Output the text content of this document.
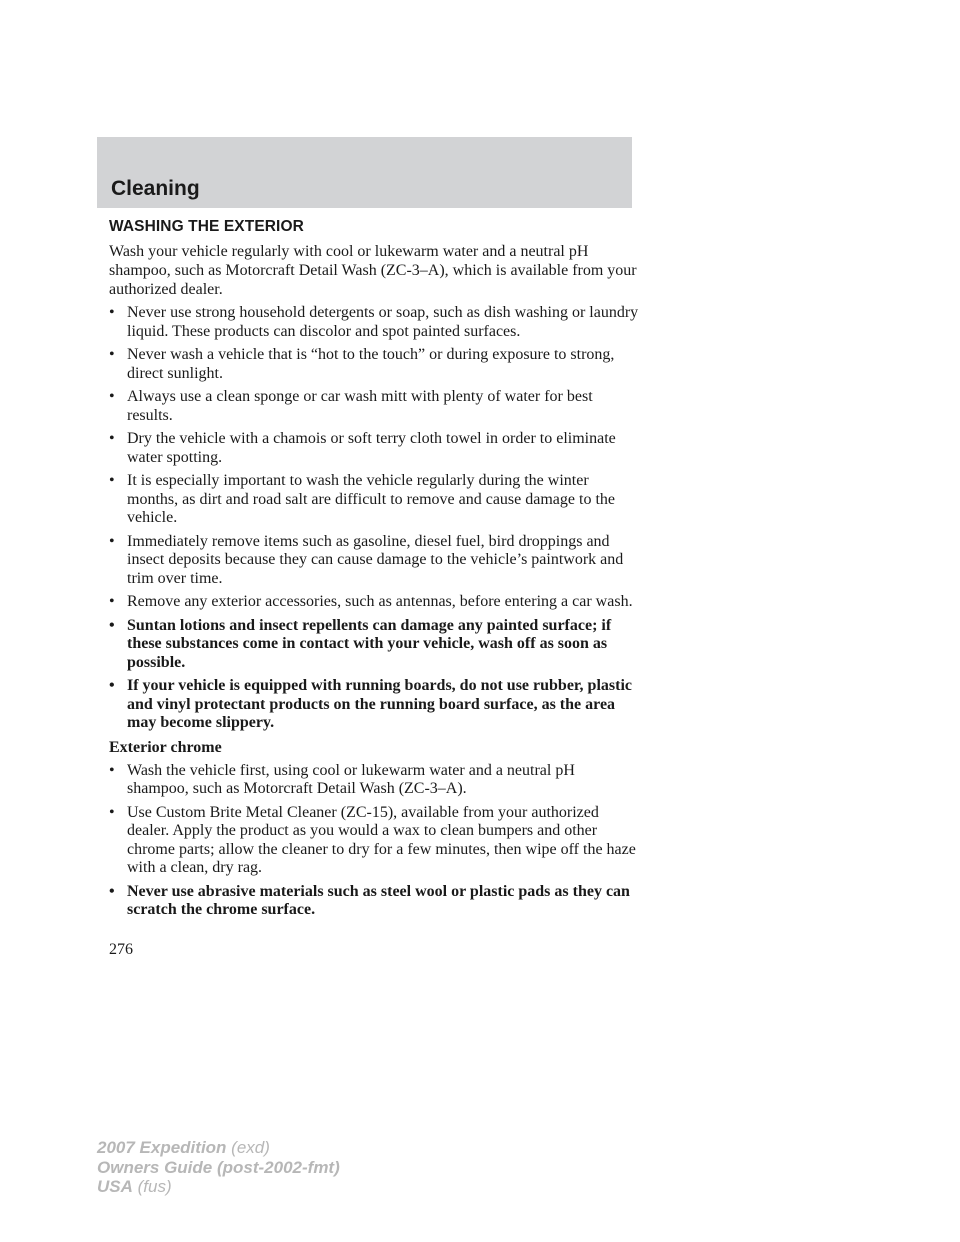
Cleaning
WASHING THE EXTERIOR

Wash your vehicle regularly with cool or lukewarm water and a neutral pH shampoo, such as Motorcraft Detail Wash (ZC-3–A), which is available from your authorized dealer.

• Never use strong household detergents or soap, such as dish washing or laundry liquid. These products can discolor and spot painted surfaces.
• Never wash a vehicle that is “hot to the touch” or during exposure to strong, direct sunlight.
• Always use a clean sponge or car wash mitt with plenty of water for best results.
• Dry the vehicle with a chamois or soft terry cloth towel in order to eliminate water spotting.
• It is especially important to wash the vehicle regularly during the winter months, as dirt and road salt are difficult to remove and cause damage to the vehicle.
• Immediately remove items such as gasoline, diesel fuel, bird droppings and insect deposits because they can cause damage to the vehicle’s paintwork and trim over time.
• Remove any exterior accessories, such as antennas, before entering a car wash.
• Suntan lotions and insect repellents can damage any painted surface; if these substances come in contact with your vehicle, wash off as soon as possible.
• If your vehicle is equipped with running boards, do not use rubber, plastic and vinyl protectant products on the running board surface, as the area may become slippery.
Exterior chrome
• Wash the vehicle first, using cool or lukewarm water and a neutral pH shampoo, such as Motorcraft Detail Wash (ZC-3–A).
• Use Custom Brite Metal Cleaner (ZC-15), available from your authorized dealer. Apply the product as you would a wax to clean bumpers and other chrome parts; allow the cleaner to dry for a few minutes, then wipe off the haze with a clean, dry rag.
• Never use abrasive materials such as steel wool or plastic pads as they can scratch the chrome surface.
276
2007 Expedition (exd)
Owners Guide (post-2002-fmt)
USA (fus)
